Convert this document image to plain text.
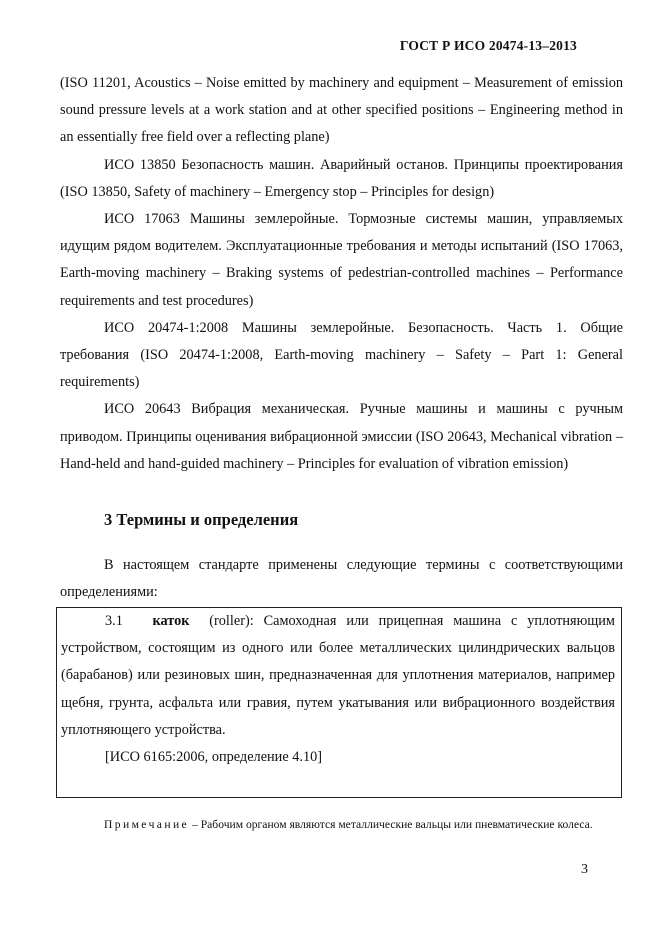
ГОСТ Р ИСО 20474-13–2013

(ISO 11201, Acoustics – Noise emitted by machinery and equipment – Measurement of emission sound pressure levels at a work station and at other specified positions – Engineering method in an essentially free field over a reflecting plane)

ИСО 13850 Безопасность машин. Аварийный останов. Принципы проектирования (ISO 13850, Safety of machinery – Emergency stop – Principles for design)

ИСО 17063 Машины землеройные. Тормозные системы машин, управляемых идущим рядом водителем. Эксплуатационные требования и методы испытаний (ISO 17063, Earth-moving machinery – Braking systems of pedestrian-controlled machines – Performance requirements and test procedures)

ИСО 20474-1:2008 Машины землеройные. Безопасность. Часть 1. Общие требования (ISO 20474-1:2008, Earth-moving machinery – Safety – Part 1: General requirements)

ИСО 20643 Вибрация механическая. Ручные машины и машины с ручным приводом. Принципы оценивания вибрационной эмиссии (ISO 20643, Mechanical vibration – Hand-held and hand-guided machinery – Principles for evaluation of vibration emission)

3 Термины и определения

В настоящем стандарте применены следующие термины с соответствующими определениями:

3.1 каток (roller): Самоходная или прицепная машина с уплотняющим устройством, состоящим из одного или более металлических цилиндрических вальцов (барабанов) или резиновых шин, предназначенная для уплотнения материалов, например щебня, грунта, асфальта или гравия, путем укатывания или вибрационного воздействия уплотняющего устройства.

[ИСО 6165:2006, определение 4.10]

Примечание – Рабочим органом являются металлические вальцы или пневматические колеса.

3
